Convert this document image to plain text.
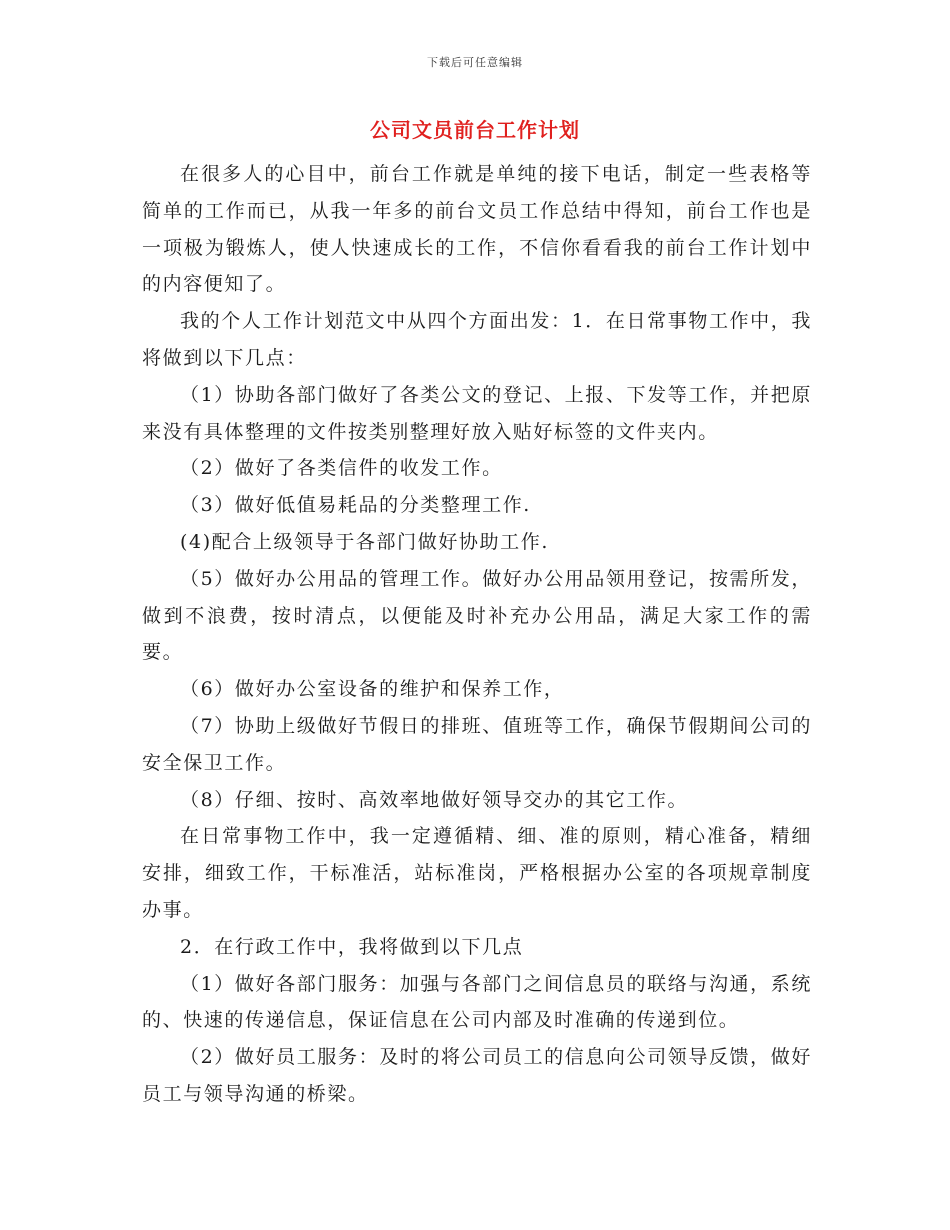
下载后可任意编辑
公司文员前台工作计划

在很多人的心目中，前台工作就是单纯的接下电话，制定一些表格等简单的工作而已，从我一年多的前台文员工作总结中得知，前台工作也是一项极为锻炼人，使人快速成长的工作，不信你看看我的前台工作计划中的内容便知了。

我的个人工作计划范文中从四个方面出发：1．在日常事物工作中，我将做到以下几点：

（1）协助各部门做好了各类公文的登记、上报、下发等工作，并把原来没有具体整理的文件按类别整理好放入贴好标签的文件夹内。

（2）做好了各类信件的收发工作。

（3）做好低值易耗品的分类整理工作.

(4)配合上级领导于各部门做好协助工作.

（5）做好办公用品的管理工作。做好办公用品领用登记，按需所发，做到不浪费，按时清点，以便能及时补充办公用品，满足大家工作的需要。

（6）做好办公室设备的维护和保养工作，

（7）协助上级做好节假日的排班、值班等工作，确保节假期间公司的安全保卫工作。

（8）仔细、按时、高效率地做好领导交办的其它工作。

在日常事物工作中，我一定遵循精、细、准的原则，精心准备，精细安排，细致工作，干标准活，站标准岗，严格根据办公室的各项规章制度办事。

2．在行政工作中，我将做到以下几点

（1）做好各部门服务：加强与各部门之间信息员的联络与沟通，系统的、快速的传递信息，保证信息在公司内部及时准确的传递到位。

（2）做好员工服务：及时的将公司员工的信息向公司领导反馈，做好员工与领导沟通的桥梁。
